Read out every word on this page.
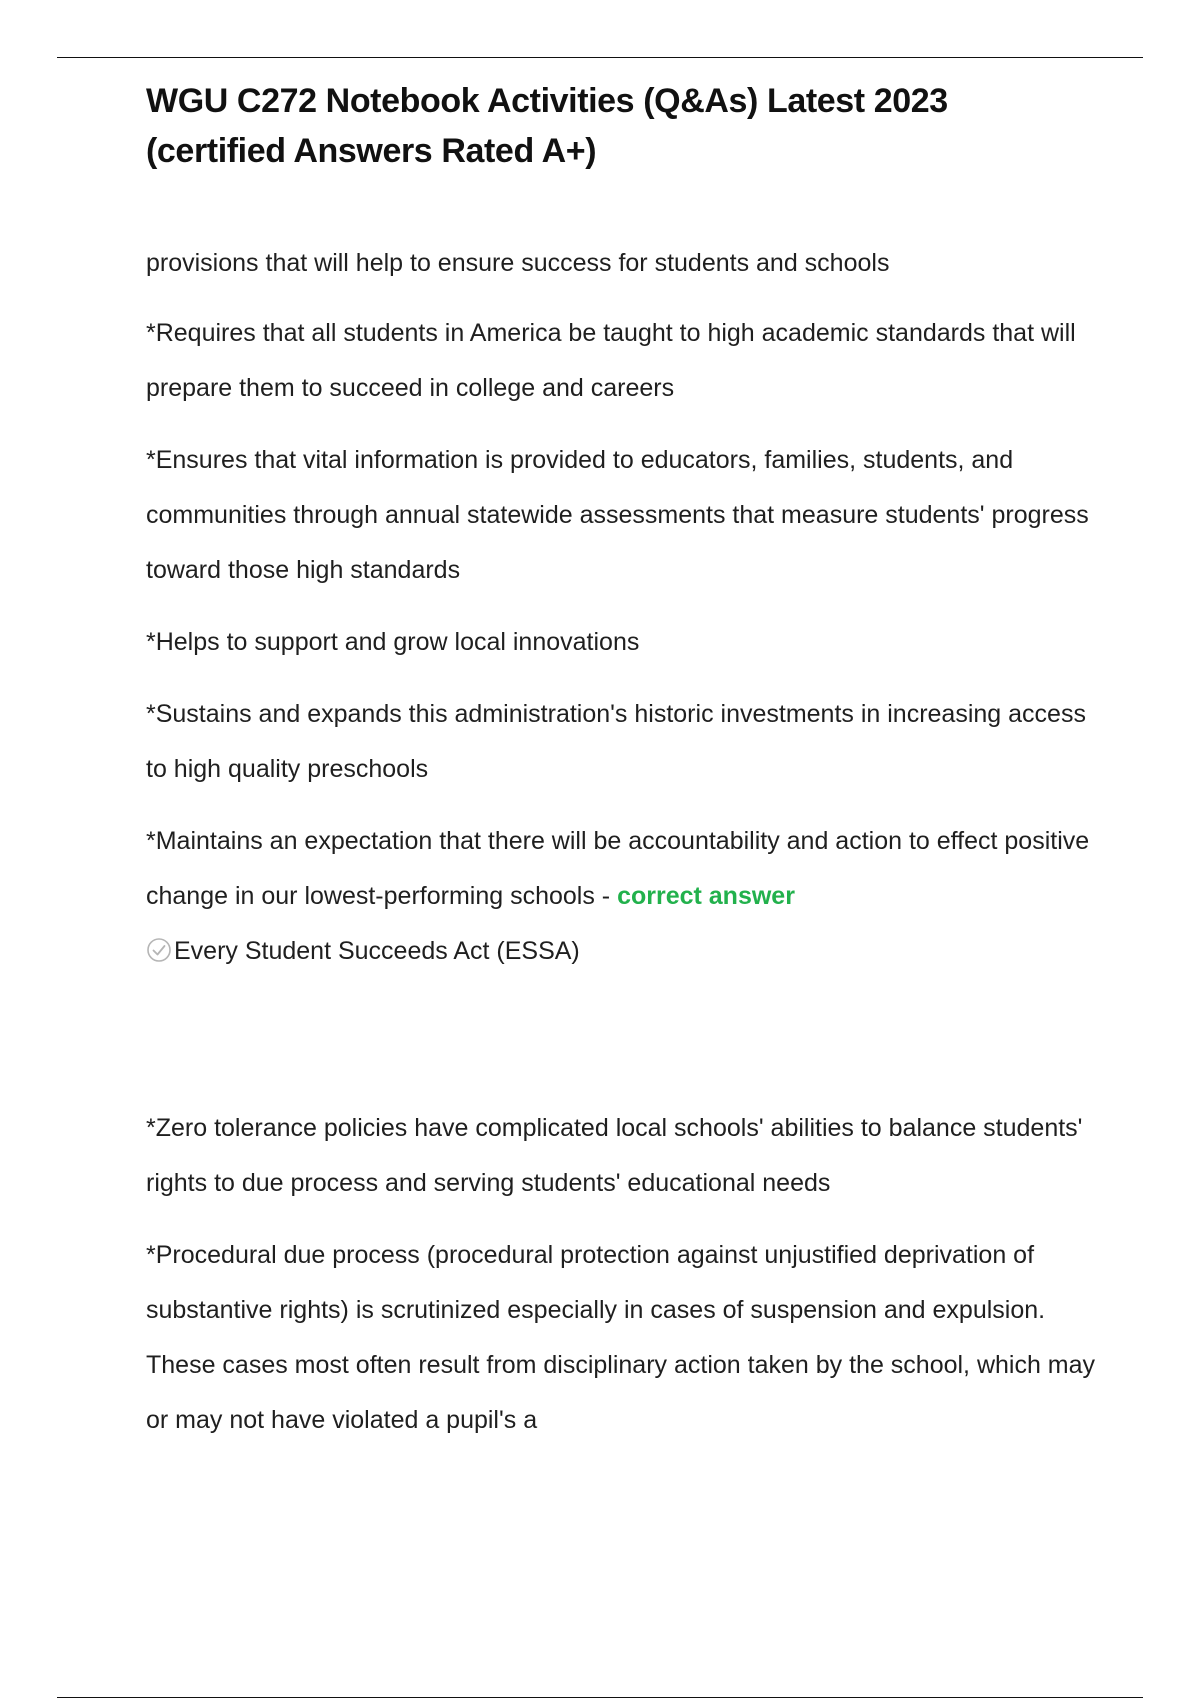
WGU C272 Notebook Activities (Q&As) Latest 2023 (certified Answers Rated A+)

provisions that will help to ensure success for students and schools

*Requires that all students in America be taught to high academic standards that will prepare them to succeed in college and careers

*Ensures that vital information is provided to educators, families, students, and communities through annual statewide assessments that measure students' progress toward those high standards

*Helps to support and grow local innovations

*Sustains and expands this administration's historic investments in increasing access to high quality preschools

*Maintains an expectation that there will be accountability and action to effect positive change in our lowest-performing schools - correct answer
Every Student Succeeds Act (ESSA)

*Zero tolerance policies have complicated local schools' abilities to balance students' rights to due process and serving students' educational needs

*Procedural due process (procedural protection against unjustified deprivation of substantive rights) is scrutinized especially in cases of suspension and expulsion. These cases most often result from disciplinary action taken by the school, which may or may not have violated a pupil's a
